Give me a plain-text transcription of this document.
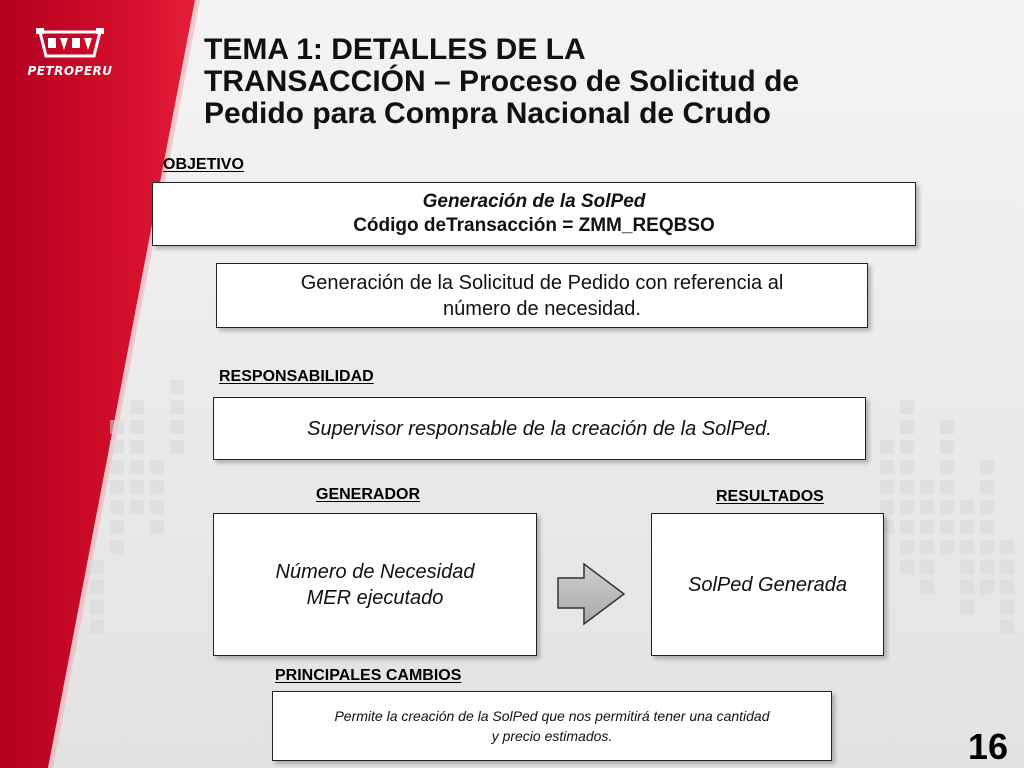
PETROPERU
TEMA 1: DETALLES DE LA
TRANSACCIÓN – Proceso de Solicitud de
Pedido para Compra Nacional de Crudo
OBJETIVO
Generación de la SolPed
Código deTransacción = ZMM_REQBSO
Generación de la Solicitud de Pedido con referencia al
número de necesidad.
RESPONSABILIDAD
Supervisor responsable de la creación de la SolPed.
GENERADOR
Número de Necesidad
MER ejecutado
RESULTADOS
SolPed Generada
PRINCIPALES CAMBIOS
Permite la creación de la SolPed que nos permitirá tener una cantidad
y precio estimados.	16
